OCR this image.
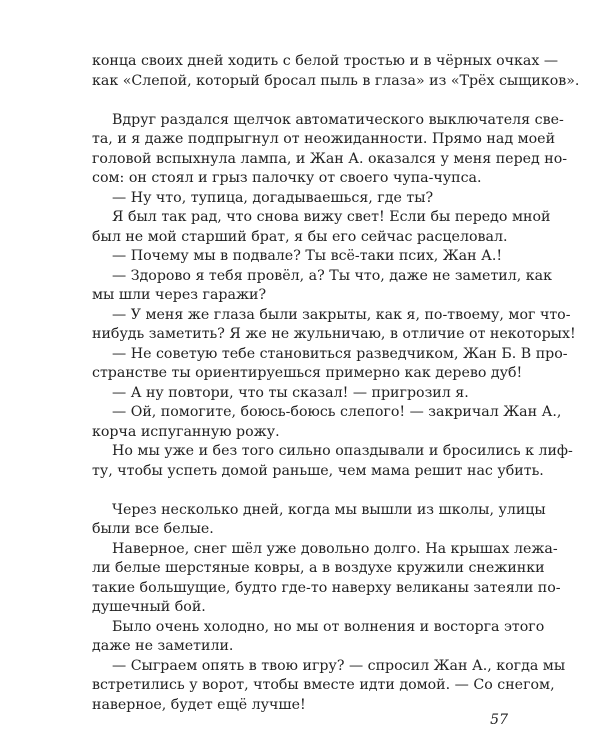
конца своих дней ходить с белой тростью и в чёрных очках —
как «Слепой, который бросал пыль в глаза» из «Трёх сыщиков».
Вдруг раздался щелчок автоматического выключателя све-
та, и я даже подпрыгнул от неожиданности. Прямо над моей
головой вспыхнула лампа, и Жан А. оказался у меня перед но-
сом: он стоял и грыз палочку от своего чупа-чупса.
— Ну что, тупица, догадываешься, где ты?
Я был так рад, что снова вижу свет! Если бы передо мной
был не мой старший брат, я бы его сейчас расцеловал.
— Почему мы в подвале? Ты всё-таки псих, Жан А.!
— Здорово я тебя провёл, а? Ты что, даже не заметил, как
мы шли через гаражи?
— У меня же глаза были закрыты, как я, по-твоему, мог что-
нибудь заметить? Я же не жульничаю, в отличие от некоторых!
— Не советую тебе становиться разведчиком, Жан Б. В про-
странстве ты ориентируешься примерно как дерево дуб!
— А ну повтори, что ты сказал! — пригрозил я.
— Ой, помогите, боюсь-боюсь слепого! — закричал Жан А.,
корча испуганную рожу.
Но мы уже и без того сильно опаздывали и бросились к лиф-
ту, чтобы успеть домой раньше, чем мама решит нас убить.
Через несколько дней, когда мы вышли из школы, улицы
были все белые.
Наверное, снег шёл уже довольно долго. На крышах лежа-
ли белые шерстяные ковры, а в воздухе кружили снежинки
такие большущие, будто где-то наверху великаны затеяли по-
душечный бой.
Было очень холодно, но мы от волнения и восторга этого
даже не заметили.
— Сыграем опять в твою игру? — спросил Жан А., когда мы
встретились у ворот, чтобы вместе идти домой. — Со снегом,
наверное, будет ещё лучше!
57
